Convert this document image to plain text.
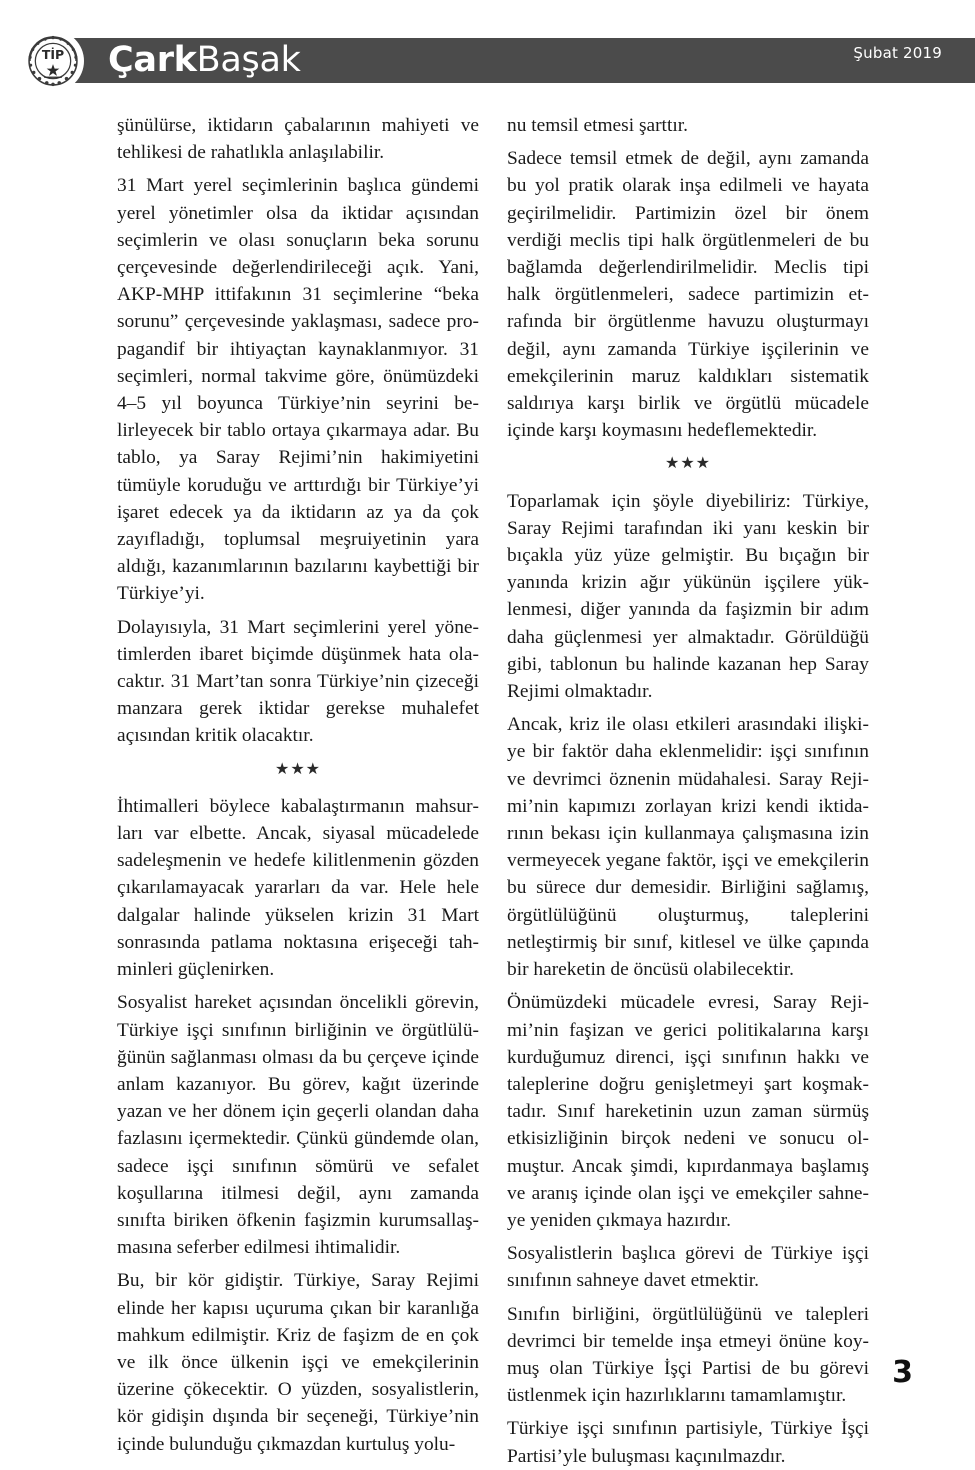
TİP ÇarkBaşak	Şubat 2019

şünülürse, iktidarın çabalarının mahiyeti ve tehlikesi de rahatlıkla anlaşılabilir.

31 Mart yerel seçimlerinin başlıca gündemi yerel yönetimler olsa da iktidar açısından seçimlerin ve olası sonuçların beka sorunu çerçevesinde değerlendirileceği açık. Yani, AKP-MHP ittifakının 31 seçimlerine “beka sorunu” çerçevesinde yaklaşması, sadece propagandif bir ihtiyaçtan kaynaklanmıyor. 31 seçimleri, normal takvime göre, önümüzdeki 4–5 yıl boyunca Türkiye’nin seyrini belirleyecek bir tablo ortaya çıkarmaya adar. Bu tablo, ya Saray Rejimi’nin hakimiyetini tümüyle koruduğu ve arttırdığı bir Türkiye’yi işaret edecek ya da iktidarın az ya da çok zayıfladığı, toplumsal meşruiyetinin yara aldığı, kazanımlarının bazılarını kaybettiği bir Türkiye’yi.

Dolayısıyla, 31 Mart seçimlerini yerel yönetimlerden ibaret biçimde düşünmek hata olacaktır. 31 Mart’tan sonra Türkiye’nin çizeceği manzara gerek iktidar gerekse muhalefet açısından kritik olacaktır.

★★★

İhtimalleri böylece kabalaştırmanın mahsurları var elbette. Ancak, siyasal mücadelede sadeleşmenin ve hedefe kilitlenmenin gözden çıkarılamayacak yararları da var. Hele hele dalgalar halinde yükselen krizin 31 Mart sonrasında patlama noktasına erişeceği tahminleri güçlenirken.

Sosyalist hareket açısından öncelikli görevin, Türkiye işçi sınıfının birliğinin ve örgütlülüğünün sağlanması olması da bu çerçeve içinde anlam kazanıyor. Bu görev, kağıt üzerinde yazan ve her dönem için geçerli olandan daha fazlasını içermektedir. Çünkü gündemde olan, sadece işçi sınıfının sömürü ve sefalet koşullarına itilmesi değil, aynı zamanda sınıfta biriken öfkenin faşizmin kurumsallaşmasına seferber edilmesi ihtimalidir.

Bu, bir kör gidiştir. Türkiye, Saray Rejimi elinde her kapısı uçuruma çıkan bir karanlığa mahkum edilmiştir. Kriz de faşizm de en çok ve ilk önce ülkenin işçi ve emekçilerinin üzerine çökecektir. O yüzden, sosyalistlerin, kör gidişin dışında bir seçeneği, Türkiye’nin içinde bulunduğu çıkmazdan kurtuluş yolu-

nu temsil etmesi şarttır.

Sadece temsil etmek de değil, aynı zamanda bu yol pratik olarak inşa edilmeli ve hayata geçirilmelidir. Partimizin özel bir önem verdiği meclis tipi halk örgütlenmeleri de bu bağlamda değerlendirilmelidir. Meclis tipi halk örgütlenmeleri, sadece partimizin etrafında bir örgütlenme havuzu oluşturmayı değil, aynı zamanda Türkiye işçilerinin ve emekçilerinin maruz kaldıkları sistematik saldırıya karşı birlik ve örgütlü mücadele içinde karşı koymasını hedeflemektedir.

★★★

Toparlamak için şöyle diyebiliriz: Türkiye, Saray Rejimi tarafından iki yanı keskin bir bıçakla yüz yüze gelmiştir. Bu bıçağın bir yanında krizin ağır yükünün işçilere yüklenmesi, diğer yanında da faşizmin bir adım daha güçlenmesi yer almaktadır. Görüldüğü gibi, tablonun bu halinde kazanan hep Saray Rejimi olmaktadır.

Ancak, kriz ile olası etkileri arasındaki ilişkiye bir faktör daha eklenmelidir: işçi sınıfının ve devrimci öznenin müdahalesi. Saray Rejimi’nin kapımızı zorlayan krizi kendi iktidarının bekası için kullanmaya çalışmasına izin vermeyecek yegane faktör, işçi ve emekçilerin bu sürece dur demesidir. Birliğini sağlamış, örgütlülüğünü oluşturmuş, taleplerini netleştirmiş bir sınıf, kitlesel ve ülke çapında bir hareketin de öncüsü olabilecektir.

Önümüzdeki mücadele evresi, Saray Rejimi’nin faşizan ve gerici politikalarına karşı kurduğumuz direnci, işçi sınıfının hakkı ve taleplerine doğru genişletmeyi şart koşmaktadır. Sınıf hareketinin uzun zaman sürmüş etkisizliğinin birçok nedeni ve sonucu olmuştur. Ancak şimdi, kıpırdanmaya başlamış ve aranış içinde olan işçi ve emekçiler sahneye yeniden çıkmaya hazırdır.

Sosyalistlerin başlıca görevi de Türkiye işçi sınıfının sahneye davet etmektir.

Sınıfın birliğini, örgütlülüğünü ve talepleri devrimci bir temelde inşa etmeyi önüne koymuş olan Türkiye İşçi Partisi de bu görevi üstlenmek için hazırlıklarını tamamlamıştır.

Türkiye işçi sınıfının partisiyle, Türkiye İşçi Partisi’yle buluşması kaçınılmazdır.

3
